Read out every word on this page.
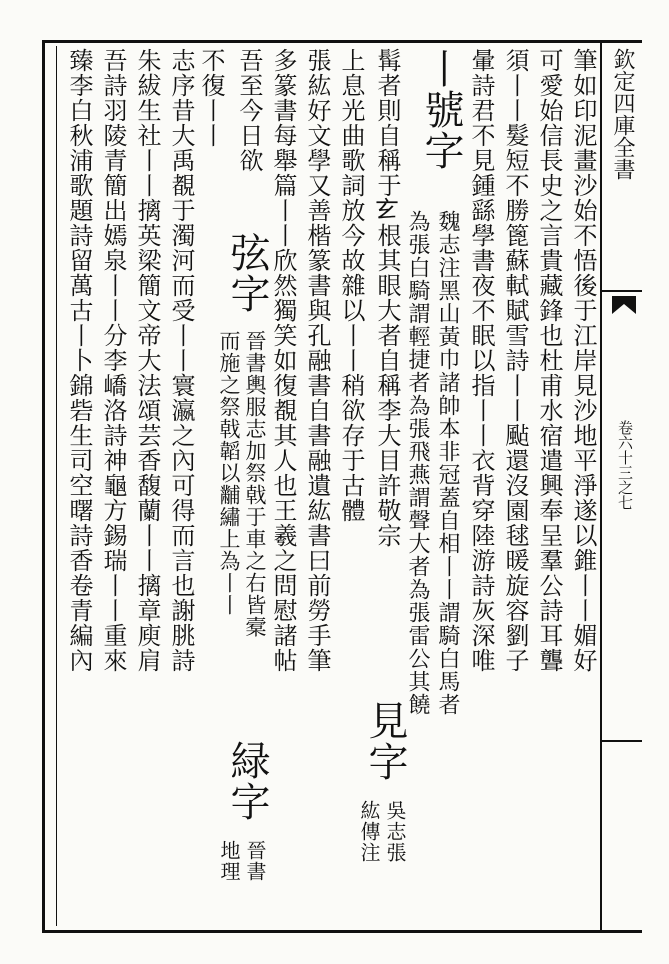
欽定四庫全書
卷六十三之七
筆如印泥畫沙始不悟後于江岸見沙地平淨遂以錐丨丨媚好
可愛始信長史之言貴藏鋒也杜甫水宿遣興奉呈羣公詩耳聾
須丨丨髮短不勝篦蘇軾賦雪詩丨丨颭還沒園毬暖旋容劉子
暈詩君不見鍾繇學書夜不眠以指丨丨衣背穿陸游詩灰深唯
丨號字
魏志注黑山黃巾諸帥本非冠蓋自相丨丨謂騎白馬者
為張白騎謂輕捷者為張飛燕謂聲大者為張雷公其饒
髯者則自稱于𤣥根其眼大者自稱李大目許敬宗
見字
吳志張
紘傳注
上息光曲歌詞放今故雜以丨丨稍欲存于古體
張紘好文學又善楷篆書與孔融書自書融遺紘書曰前勞手筆
多篆書每舉篇丨丨欣然獨笑如復覩其人也王羲之問慰諸帖
吾至今日欲
弦字
晉書輿服志加祭戟于車之右皆槖
而施之祭戟韜以黼繡上為丨丨
緑字
晉書
地理
不復丨丨
志序昔大禹覩于濁河而受丨丨寰瀛之內可得而言也謝朓詩
朱紱生社丨丨摛英梁簡文帝大法頌芸香馥蘭丨丨摛章庾肩
吾詩羽陵青簡出嫣泉丨丨分李嶠洛詩神龜方錫瑞丨丨重來
臻李白秋浦歌題詩留萬古丨卜錦砦生司空曙詩香卷青編內
